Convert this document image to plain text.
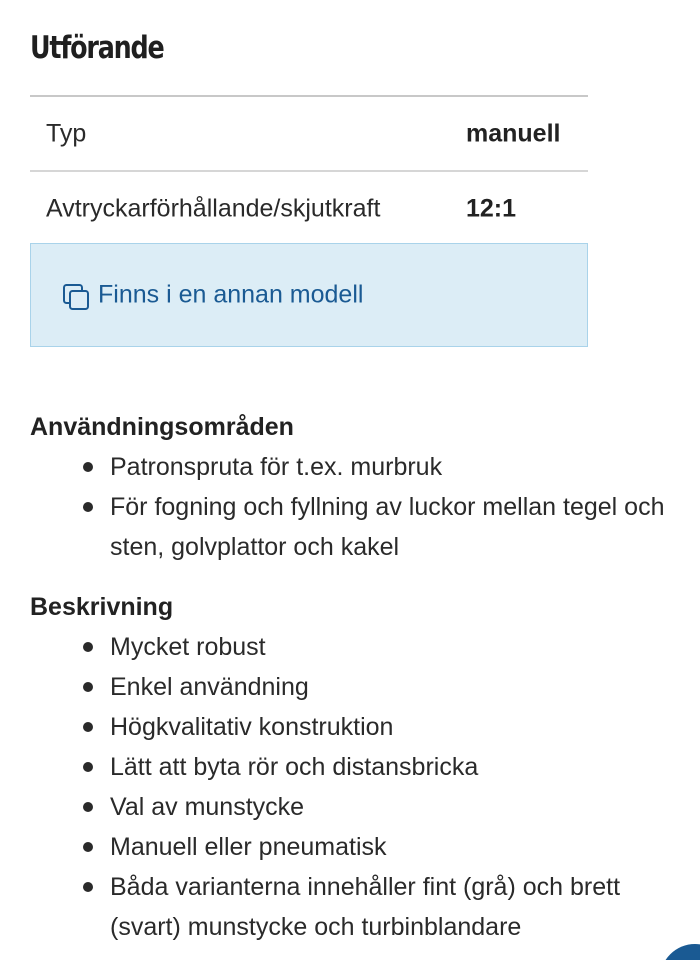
Utförande
Typ	manuell
Avtryckarförhållande/skjutkraft	12:1
Finns i en annan modell
Användningsområden
Patronspruta för t.ex. murbruk
För fogning och fyllning av luckor mellan tegel och sten, golvplattor och kakel
Beskrivning
Mycket robust
Enkel användning
Högkvalitativ konstruktion
Lätt att byta rör och distansbricka
Val av munstycke
Manuell eller pneumatisk
Båda varianterna innehåller fint (grå) och brett (svart) munstycke och turbinblandare
